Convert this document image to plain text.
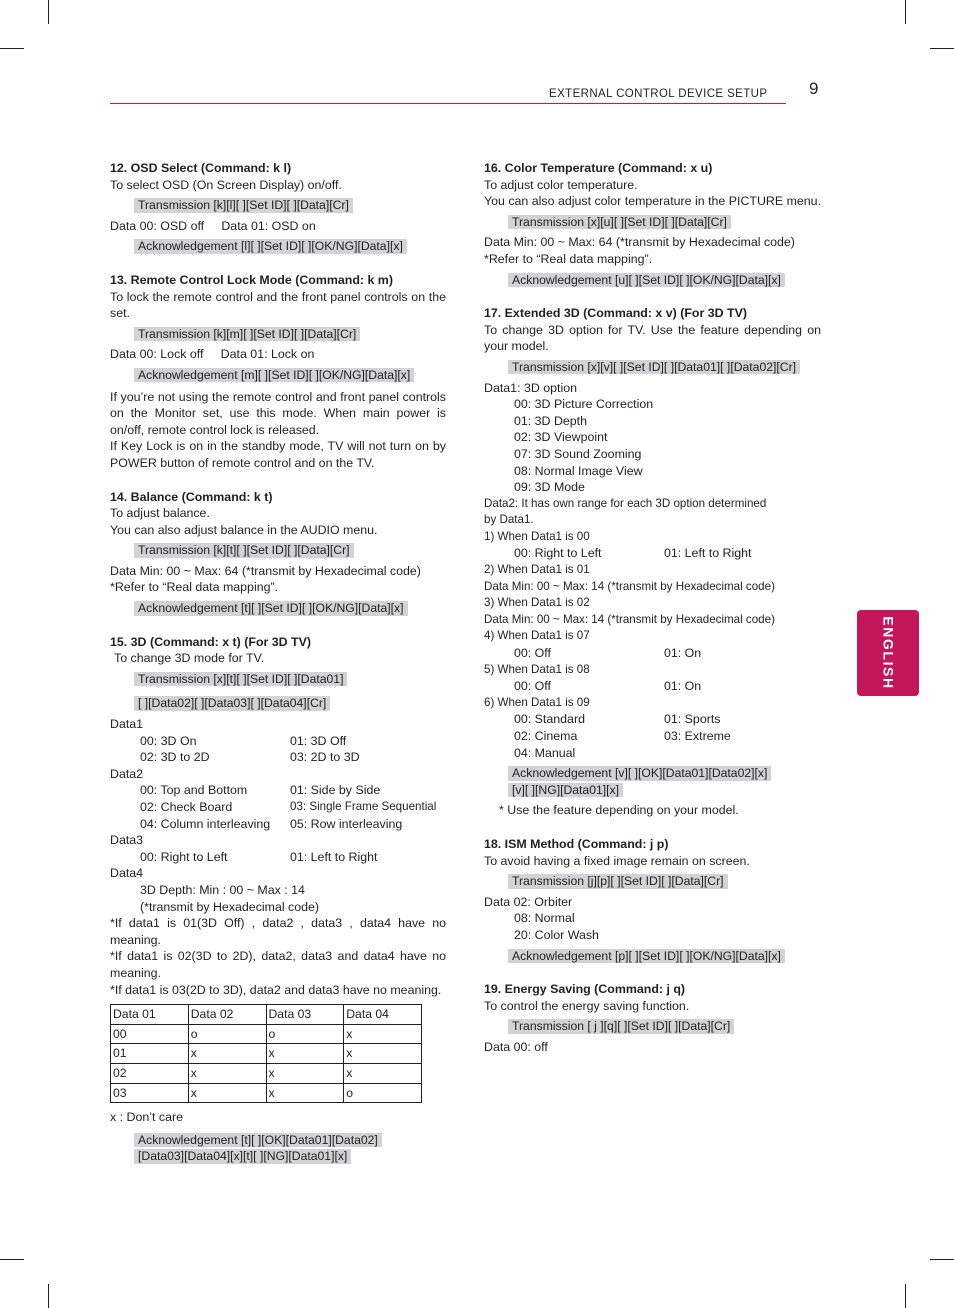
EXTERNAL CONTROL DEVICE SETUP 9
ENGLISH
12. OSD Select (Command: k l)

To select OSD (On Screen Display) on/off.

Transmission [k][l][ ][Set ID][ ][Data][Cr]

Data 00: OSD off Data 01: OSD on

Acknowledgement [l][ ][Set ID][ ][OK/NG][Data][x]
13. Remote Control Lock Mode (Command: k m)

To lock the remote control and the front panel controls on the set.

Transmission [k][m][ ][Set ID][ ][Data][Cr]

Data 00: Lock off Data 01: Lock on

Acknowledgement [m][ ][Set ID][ ][OK/NG][Data][x]

If you’re not using the remote control and front panel controls on the Monitor set, use this mode. When main power is on/off, remote control lock is released.

If Key Lock is on in the standby mode, TV will not turn on by POWER button of remote control and on the TV.

14. Balance (Command: k t)

To adjust balance.

You can also adjust balance in the AUDIO menu.

Transmission [k][t][ ][Set ID][ ][Data][Cr]

Data Min: 00 ~ Max: 64 (*transmit by Hexadecimal code)

*Refer to “Real data mapping”.

Acknowledgement [t][ ][Set ID][ ][OK/NG][Data][x]
15. 3D (Command: x t) (For 3D TV)

To change 3D mode for TV.

Transmission [x][t][ ][Set ID][ ][Data01]
[ ][Data02][ ][Data03][ ][Data04][Cr]

Data1

00: 3D On	01: 3D Off
02: 3D to 2D	03: 2D to 3D

Data2

00: Top and Bottom	01: Side by Side
02: Check Board	03: Single Frame Sequential
04: Column interleaving	05: Row interleaving

Data3

00: Right to Left	01: Left to Right

Data4

3D Depth: Min : 00 ~ Max : 14
(*transmit by Hexadecimal code)

*If data1 is 01(3D Off) , data2 , data3 , data4 have no meaning.

*If data1 is 02(3D to 2D), data2, data3 and data4 have no meaning.

*If data1 is 03(2D to 3D), data2 and data3 have no meaning.

Data 01	Data 02	Data 03	Data 04
00	o	o	x
01	x	x	x
02	x	x	x
03	x	x	o

x : Don’t care

Acknowledgement [t][ ][OK][Data01][Data02]
[Data03][Data04][x][t][ ][NG][Data01][x]
16. Color Temperature (Command: x u)

To adjust color temperature.

You can also adjust color temperature in the PICTURE menu.

Transmission [x][u][ ][Set ID][ ][Data][Cr]

Data Min: 00 ~ Max: 64 (*transmit by Hexadecimal code)

*Refer to “Real data mapping”.

Acknowledgement [u][ ][Set ID][ ][OK/NG][Data][x]
17. Extended 3D (Command: x v) (For 3D TV)

To change 3D option for TV. Use the feature depending on your model.

Transmission [x][v][ ][Set ID][ ][Data01][ ][Data02][Cr]

Data1: 3D option

00: 3D Picture Correction
01: 3D Depth
02: 3D Viewpoint
07: 3D Sound Zooming
08: Normal Image View
09: 3D Mode
Data2: It has own range for each 3D option determined
by Data1.
1) When Data1 is 00
00: Right to Left	01: Left to Right
2) When Data1 is 01
Data Min: 00 ~ Max: 14 (*transmit by Hexadecimal code)
3) When Data1 is 02
Data Min: 00 ~ Max: 14 (*transmit by Hexadecimal code)
4) When Data1 is 07
00: Off	01: On
5) When Data1 is 08
00: Off	01: On
6) When Data1 is 09
00: Standard	01: Sports
02: Cinema	03: Extreme
04: Manual
Acknowledgement [v][ ][OK][Data01][Data02][x]
[v][ ][NG][Data01][x]

* Use the feature depending on your model.

18. ISM Method (Command: j p)

To avoid having a fixed image remain on screen.

Transmission [j][p][ ][Set ID][ ][Data][Cr]

Data 02: Orbiter

08: Normal
20: Color Wash
Acknowledgement [p][ ][Set ID][ ][OK/NG][Data][x]
19. Energy Saving (Command: j q)

To control the energy saving function.

Transmission [ j ][q][ ][Set ID][ ][Data][Cr]

Data 00: off
